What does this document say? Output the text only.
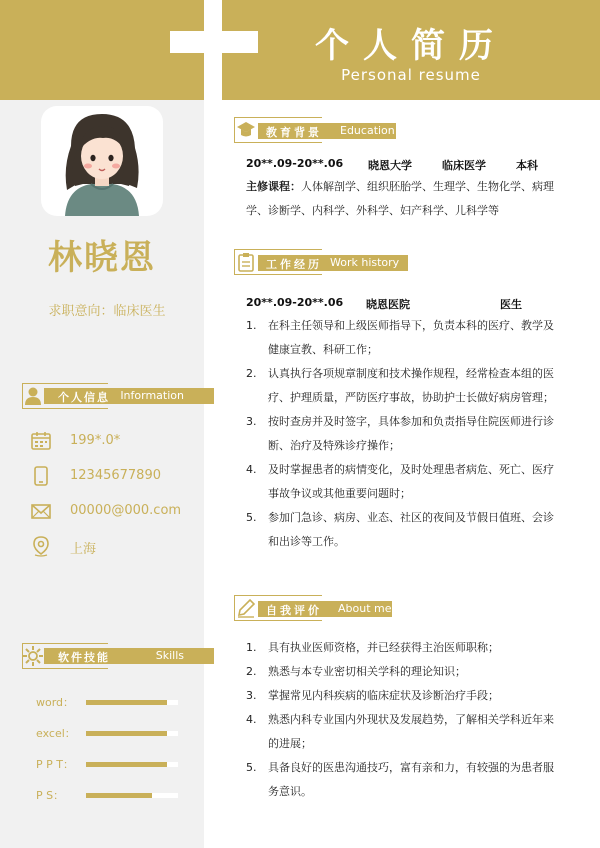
个人简历
Personal resume
林晓恩
求职意向：临床医生
个人信息 Information
199*.0*
12345677890
00000@000.com
上海
软件技能	Skills
word：
excel：
P P T：
P S：
教育背景 Education
20**.09-20**.06 晓恩大学	临床医学	本科
主修课程：人体解剖学、组织胚胎学、生理学、生物化学、病理
学、诊断学、内科学、外科学、妇产科学、儿科学等
工作经历 Work history
20**.09-20**.06 晓恩医院	医生
1. 在科主任领导和上级医师指导下，负责本科的医疗、教学及健康宣教、科研工作；
2. 认真执行各项规章制度和技术操作规程，经常检查本组的医疗、护理质量，严防医疗事故，协助护士长做好病房管理；
3. 按时查房并及时签字，具体参加和负责指导住院医师进行诊断、治疗及特殊诊疗操作；
4. 及时掌握患者的病情变化，及时处理患者病危、死亡、医疗事故争议或其他重要问题时；
5. 参加门急诊、病房、业态、社区的夜间及节假日值班、会诊和出诊等工作。
自我评价 About me
1. 具有执业医师资格，并已经获得主治医师职称；
2. 熟悉与本专业密切相关学科的理论知识；
3. 掌握常见内科疾病的临床症状及诊断治疗手段；
4. 熟悉内科专业国内外现状及发展趋势，了解相关学科近年来的进展；
5. 具备良好的医患沟通技巧，富有亲和力，有较强的为患者服务意识。
